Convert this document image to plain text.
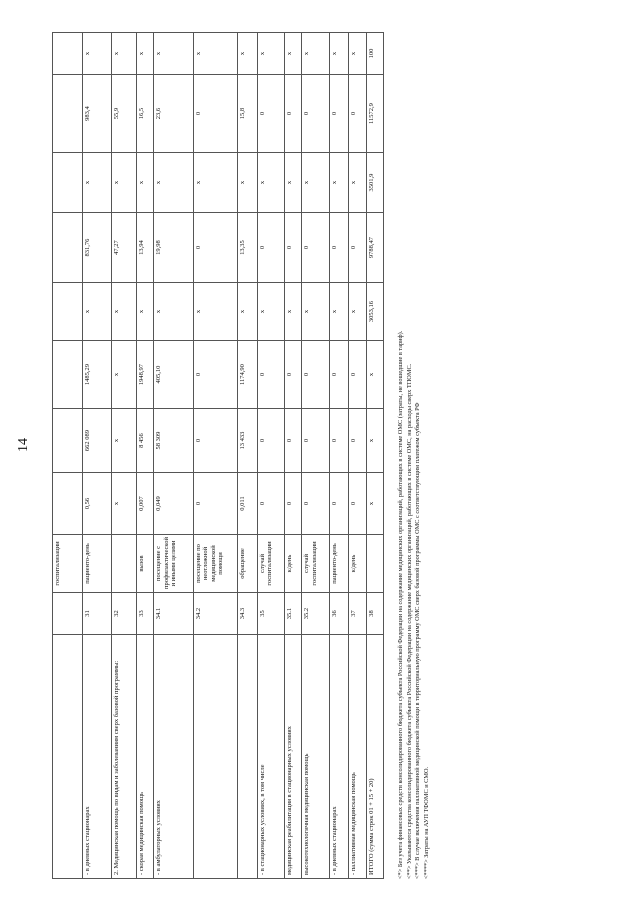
14
		госпитализации								
- в дневных стационарах	31	пациенто-день	0,56	662 089	1485,29	x	831,76	x	983,4	x
2. Медицинская помощь по видам и заболеваниям сверх базовой программы:	32		x	x	x	x	47,27	x	55,9	x
- скорая медицинская помощь	33	вызов	0,007	8 456	1948,97	x	13,94	x	16,5	x
- в амбулаторных условиях	34.1	посещение с профилактической и иными целями	0,049	58 309	405,10	x	19,98	x	23,6	x
	34.2	посещение по неотложной медицинской помощи	0	0	0	x	0	x	0	x
	34.3	обращение	0,011	13 433	1174,90	x	13,35	x	15,8	x
- в стационарных условиях, в том числе	35	случай госпитализации	0	0	0	x	0	x	0	x
медицинская реабилитация в стационарных условиях	35.1	к/день	0	0	0	x	0	x	0	x
высокотехнологичная медицинская помощь	35.2	случай госпитализации	0	0	0	x	0	x	0	x
- в дневных стационарах	36	пациенто-день	0	0	0	x	0	x	0	x
- паллиативная медицинская помощь	37	к/день	0	0	0	x	0	x	0	x
ИТОГО (сумма строк 01 + 15 + 20)	38		x	x	x	3053,16	9788,47	3501,9	11572,9	100
<*> Без учета финансовых средств консолидированного бюджета субъекта Российской Федерации на содержание медицинских организаций, работающих в системе ОМС (затраты, не вошедшие в тариф). <**> Указываются средства консолидированного бюджета субъекта Российской Федерации на содержание медицинских организаций, работающих в системе ОМС, на расходы сверх ТПОМС. <***> В случае включения паллиативной медицинской помощи в территориальную программу ОМС сверх базовой программы ОМС с соответствующим платежом субъекта РФ <****> Затраты на АУП ТФОМС и СМО.
